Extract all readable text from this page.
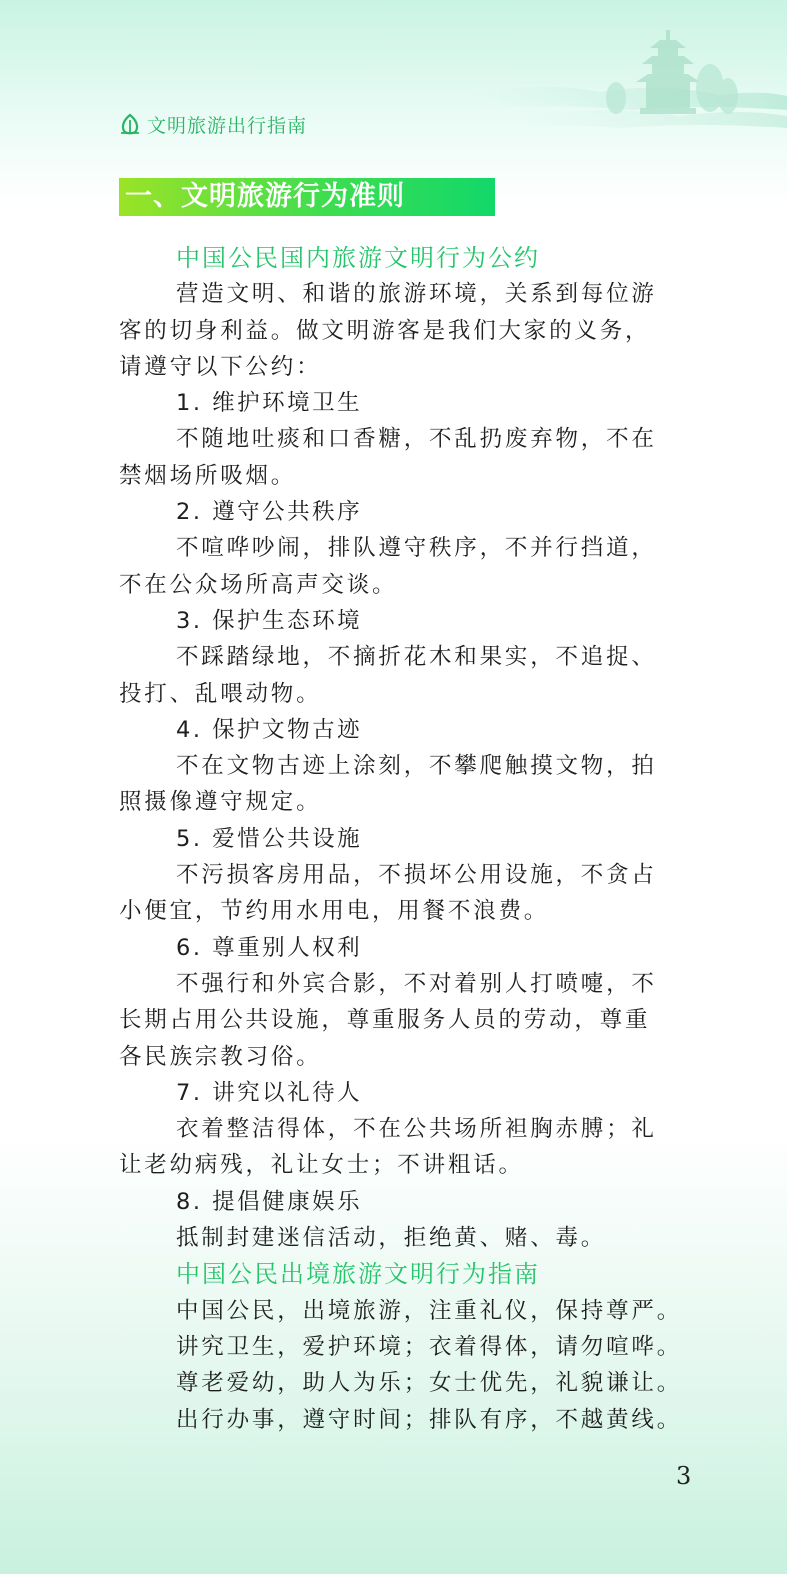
文明旅游出行指南
一、文明旅游行为准则
中国公民国内旅游文明行为公约
营造文明、和谐的旅游环境，关系到每位游
客的切身利益。做文明游客是我们大家的义务，
请遵守以下公约：
1. 维护环境卫生
不随地吐痰和口香糖，不乱扔废弃物，不在
禁烟场所吸烟。
2. 遵守公共秩序
不喧哗吵闹，排队遵守秩序，不并行挡道，
不在公众场所高声交谈。
3. 保护生态环境
不踩踏绿地，不摘折花木和果实，不追捉、
投打、乱喂动物。
4. 保护文物古迹
不在文物古迹上涂刻，不攀爬触摸文物，拍
照摄像遵守规定。
5. 爱惜公共设施
不污损客房用品，不损坏公用设施，不贪占
小便宜，节约用水用电，用餐不浪费。
6. 尊重别人权利
不强行和外宾合影，不对着别人打喷嚏，不
长期占用公共设施，尊重服务人员的劳动，尊重
各民族宗教习俗。
7. 讲究以礼待人
衣着整洁得体，不在公共场所袒胸赤膊；礼
让老幼病残，礼让女士；不讲粗话。
8. 提倡健康娱乐
抵制封建迷信活动，拒绝黄、赌、毒。
中国公民出境旅游文明行为指南
中国公民，出境旅游，注重礼仪，保持尊严。
讲究卫生，爱护环境；衣着得体，请勿喧哗。
尊老爱幼，助人为乐；女士优先，礼貌谦让。
出行办事，遵守时间；排队有序，不越黄线。
3
